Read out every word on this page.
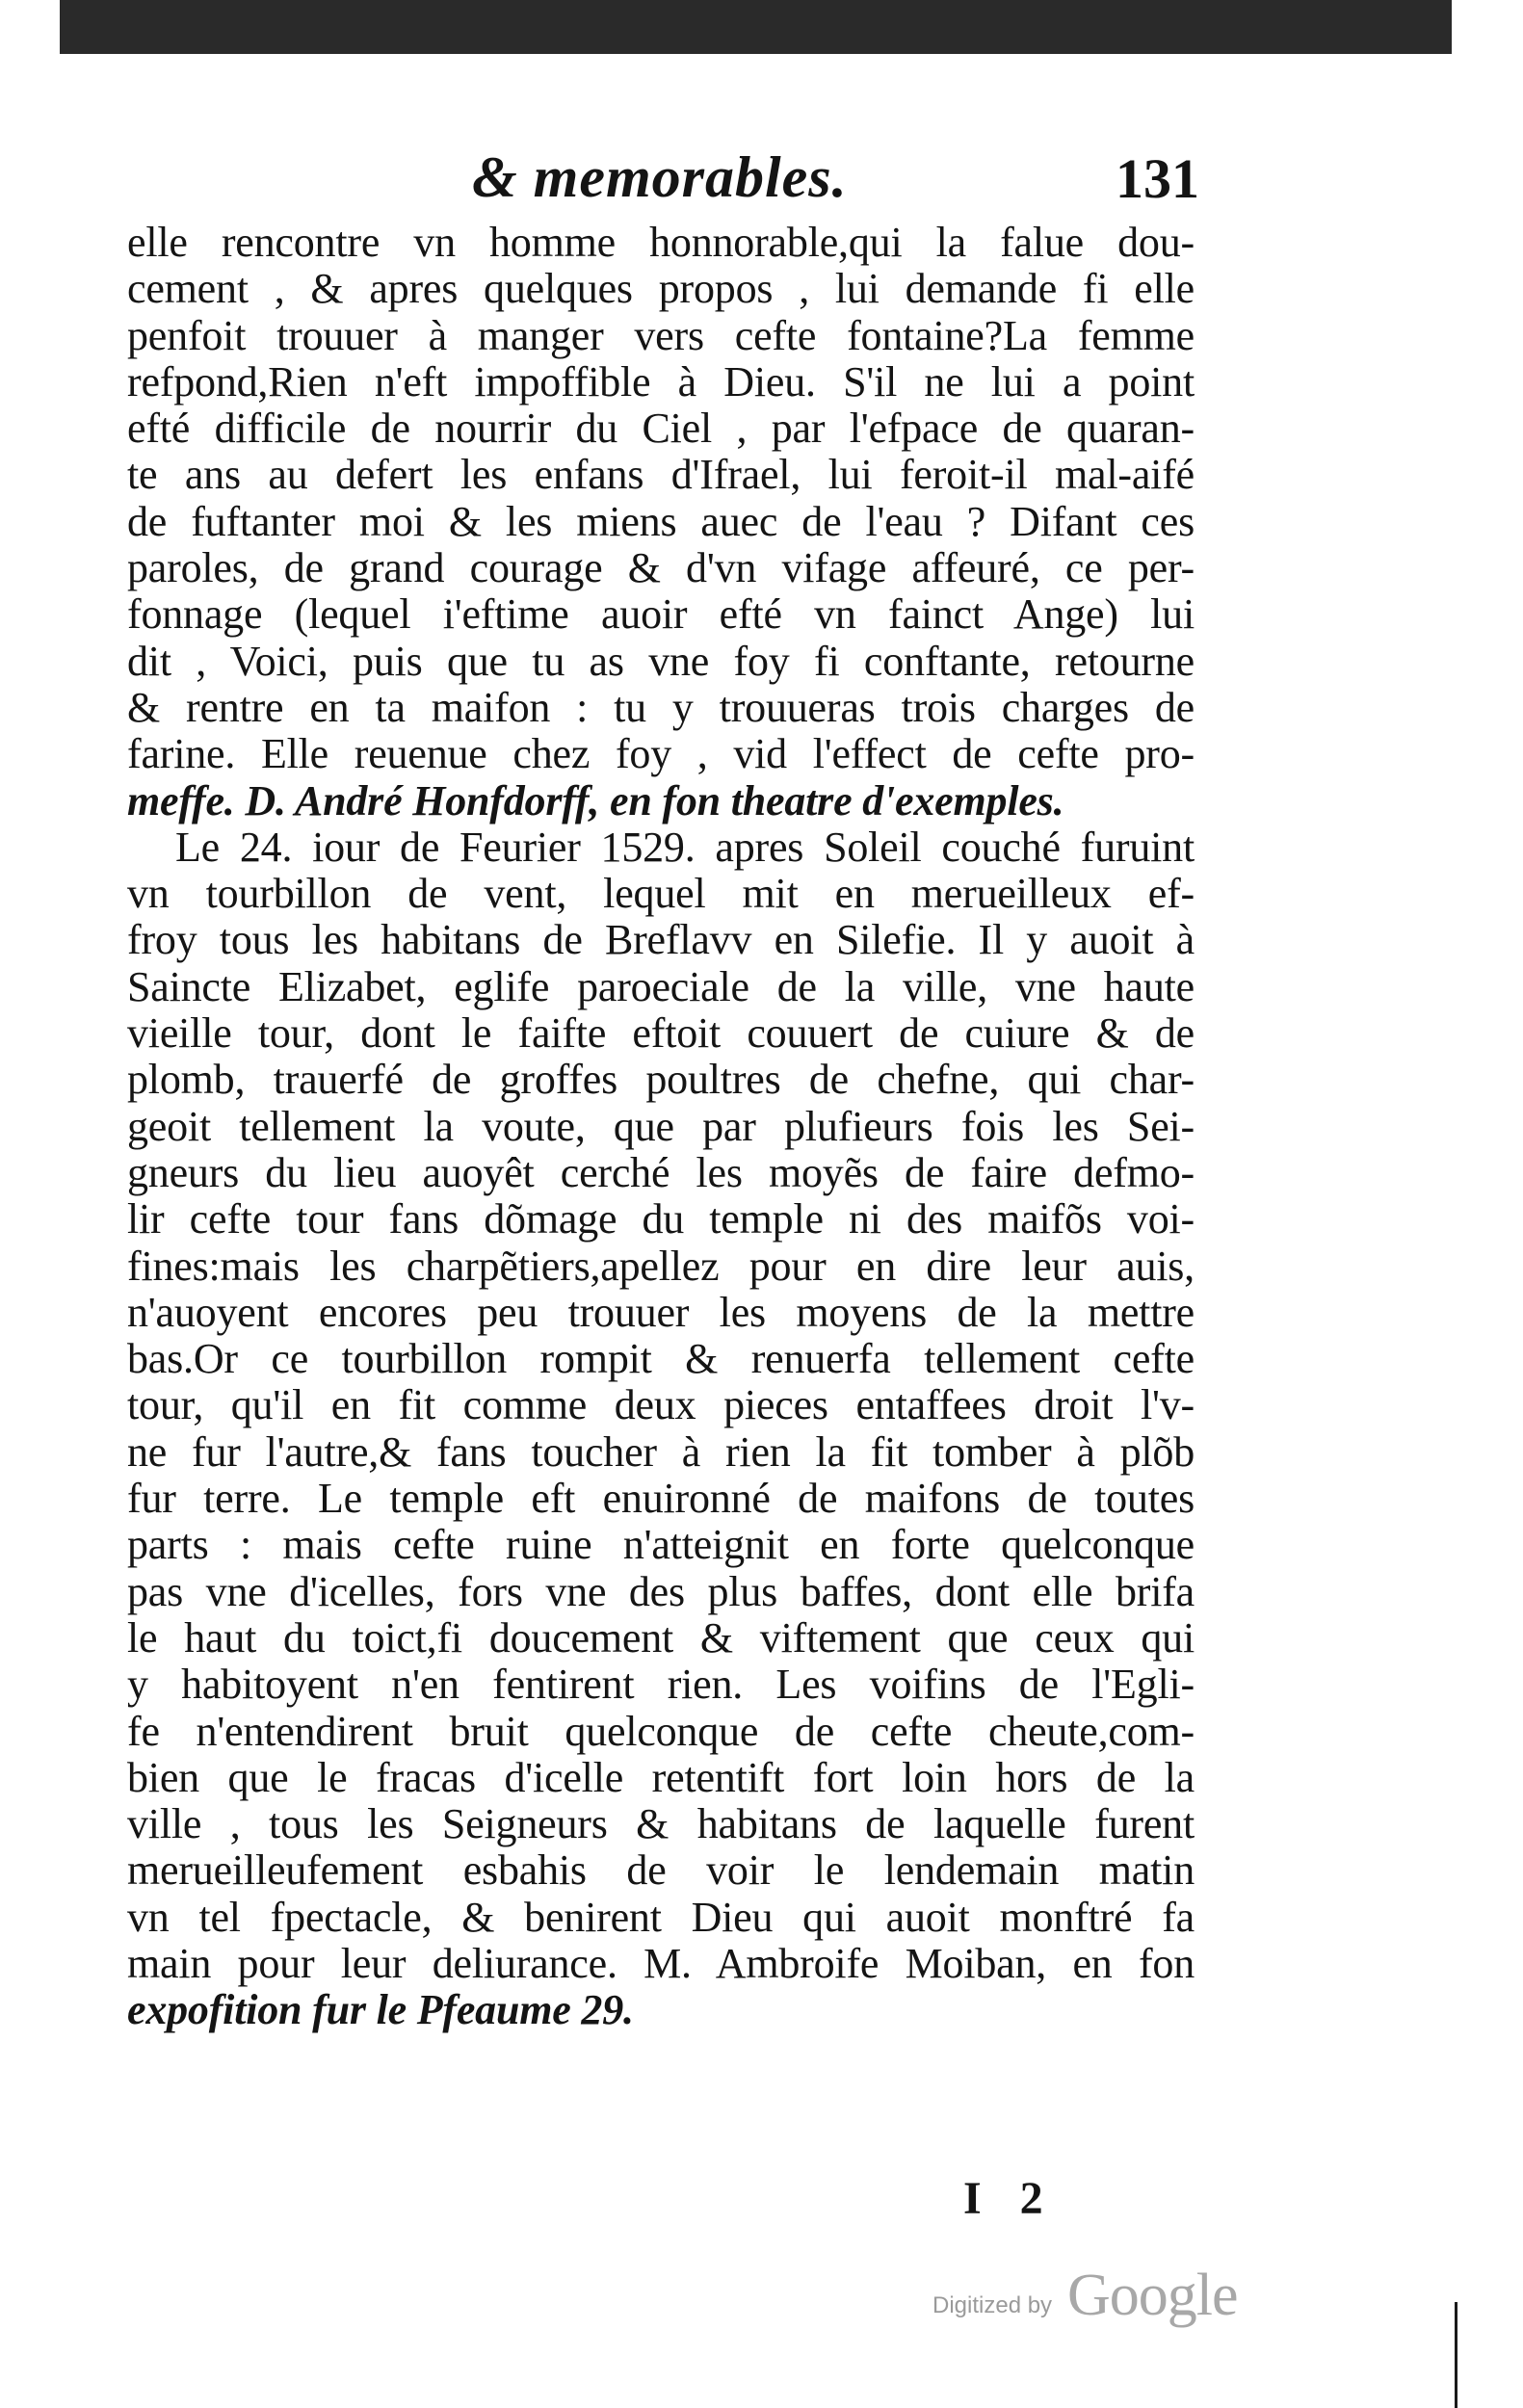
& memorables.	131
elle rencontre vn homme honnorable,qui la falue dou-
cement , & apres quelques propos , lui demande fi elle
penfoit trouuer à manger vers cefte fontaine?La femme
refpond,Rien n'eft impoffible à Dieu. S'il ne lui a point
efté difficile de nourrir du Ciel , par l'efpace de quaran-
te ans au defert les enfans d'Ifrael, lui feroit-il mal-aifé
de fuftanter moi & les miens auec de l'eau ? Difant ces
paroles, de grand courage & d'vn vifage affeuré, ce per-
fonnage (lequel i'eftime auoir efté vn fainct Ange) lui
dit , Voici, puis que tu as vne foy fi conftante, retourne
& rentre en ta maifon : tu y trouueras trois charges de
farine. Elle reuenue chez foy , vid l'effect de cefte pro-
meffe. D. André Honfdorff, en fon theatre d'exemples.
Le 24. iour de Feurier 1529. apres Soleil couché furuint
vn tourbillon de vent, lequel mit en merueilleux ef-
froy tous les habitans de Breflavv en Silefie. Il y auoit à
Saincte Elizabet, eglife paroeciale de la ville, vne haute
vieille tour, dont le faifte eftoit couuert de cuiure & de
plomb, trauerfé de groffes poultres de chefne, qui char-
geoit tellement la voute, que par plufieurs fois les Sei-
gneurs du lieu auoyêt cerché les moyẽs de faire defmo-
lir cefte tour fans dõmage du temple ni des maifõs voi-
fines:mais les charpẽtiers,apellez pour en dire leur auis,
n'auoyent encores peu trouuer les moyens de la mettre
bas.Or ce tourbillon rompit & renuerfa tellement cefte
tour, qu'il en fit comme deux pieces entaffees droit l'v-
ne fur l'autre,& fans toucher à rien la fit tomber à plõb
fur terre. Le temple eft enuironné de maifons de toutes
parts : mais cefte ruine n'atteignit en forte quelconque
pas vne d'icelles, fors vne des plus baffes, dont elle brifa
le haut du toict,fi doucement & viftement que ceux qui
y habitoyent n'en fentirent rien. Les voifins de l'Egli-
fe n'entendirent bruit quelconque de cefte cheute,com-
bien que le fracas d'icelle retentift fort loin hors de la
ville , tous les Seigneurs & habitans de laquelle furent
merueilleufement esbahis de voir le lendemain matin
vn tel fpectacle, & benirent Dieu qui auoit monftré fa
main pour leur deliurance. M. Ambroife Moiban, en fon
expofition fur le Pfeaume 29.
I 2
Digitized by Google
